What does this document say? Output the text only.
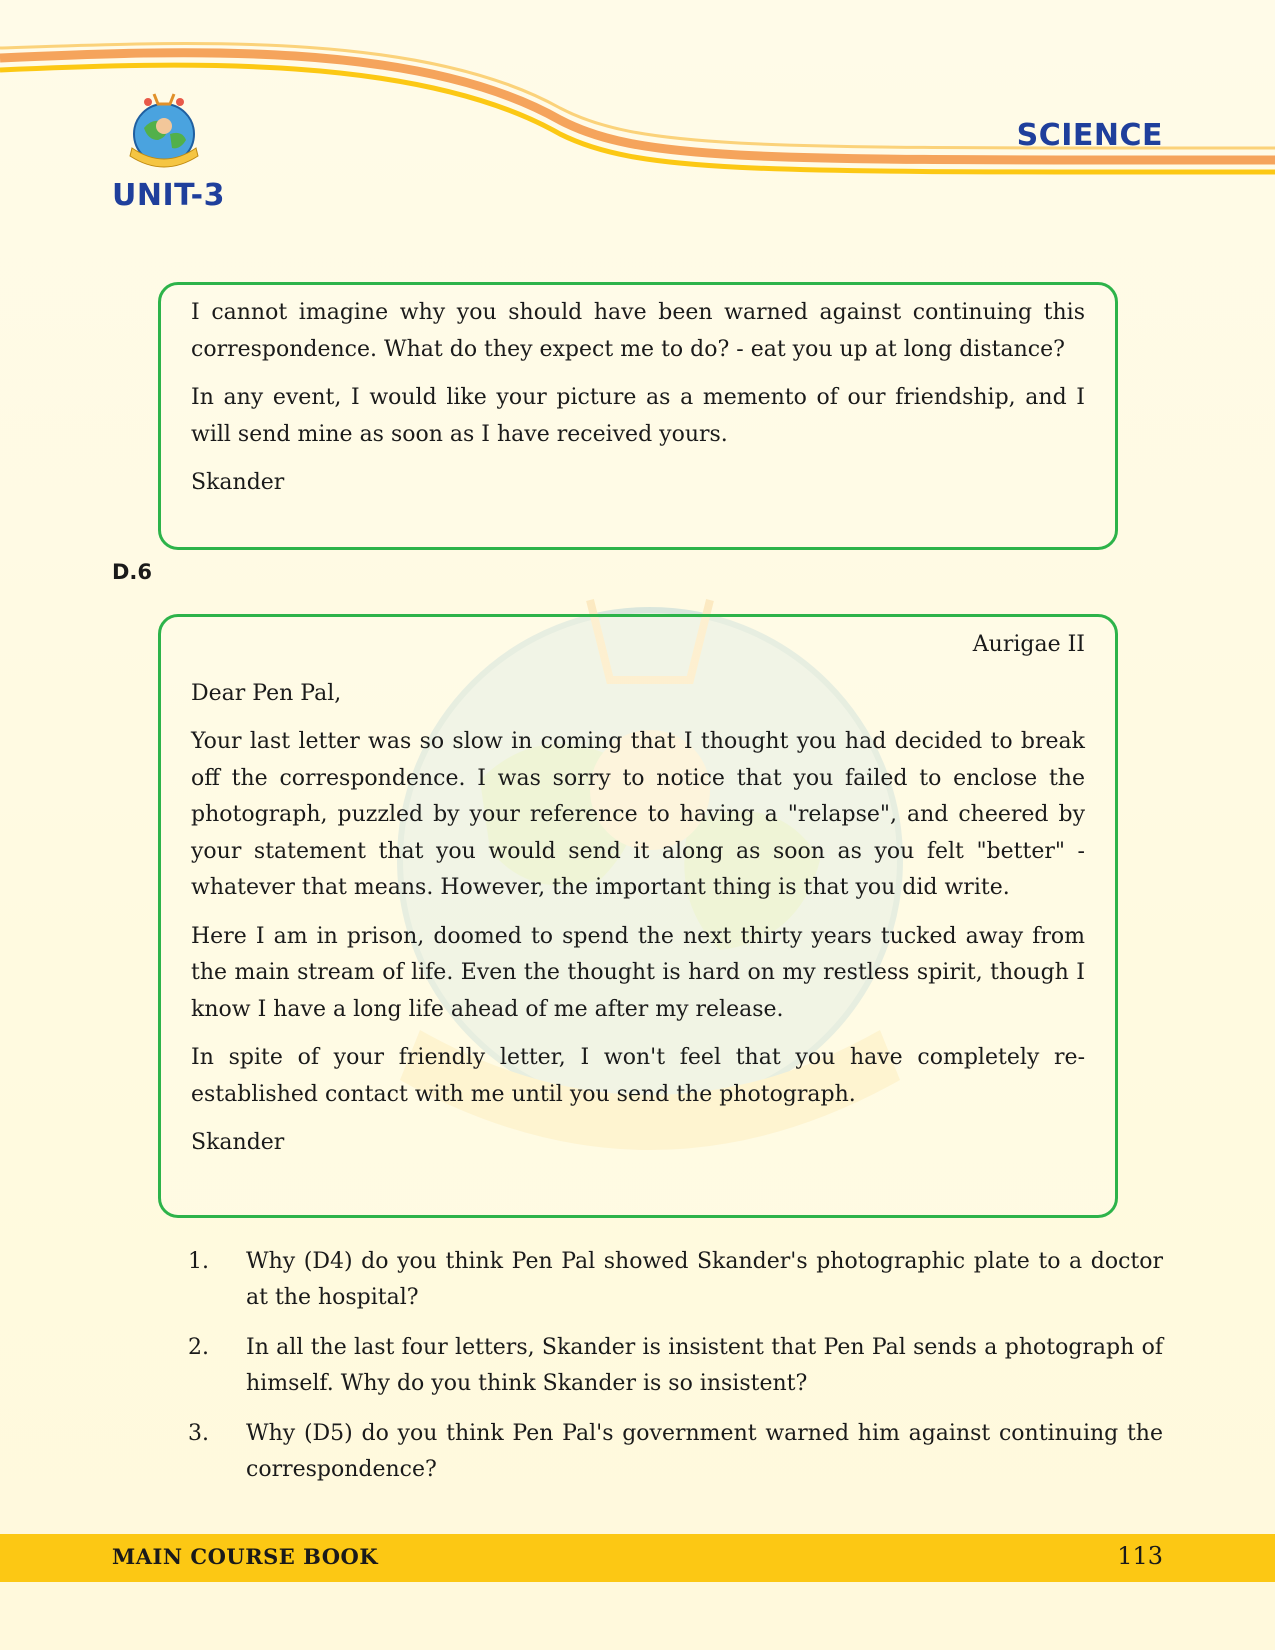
UNIT-3
SCIENCE

I cannot imagine why you should have been warned against continuing this correspondence. What do they expect me to do? - eat you up at long distance?

In any event, I would like your picture as a memento of our friendship, and I will send mine as soon as I have received yours.

Skander

D.6

Aurigae II

Dear Pen Pal,

Your last letter was so slow in coming that I thought you had decided to break off the correspondence. I was sorry to notice that you failed to enclose the photograph, puzzled by your reference to having a "relapse", and cheered by your statement that you would send it along as soon as you felt "better" - whatever that means. However, the important thing is that you did write.

Here I am in prison, doomed to spend the next thirty years tucked away from the main stream of life. Even the thought is hard on my restless spirit, though I know I have a long life ahead of me after my release.

In spite of your friendly letter, I won't feel that you have completely re-established contact with me until you send the photograph.

Skander

1. Why (D4) do you think Pen Pal showed Skander's photographic plate to a doctor at the hospital?
2. In all the last four letters, Skander is insistent that Pen Pal sends a photograph of himself. Why do you think Skander is so insistent?
3. Why (D5) do you think Pen Pal's government warned him against continuing the correspondence?
MAIN COURSE BOOK	113
